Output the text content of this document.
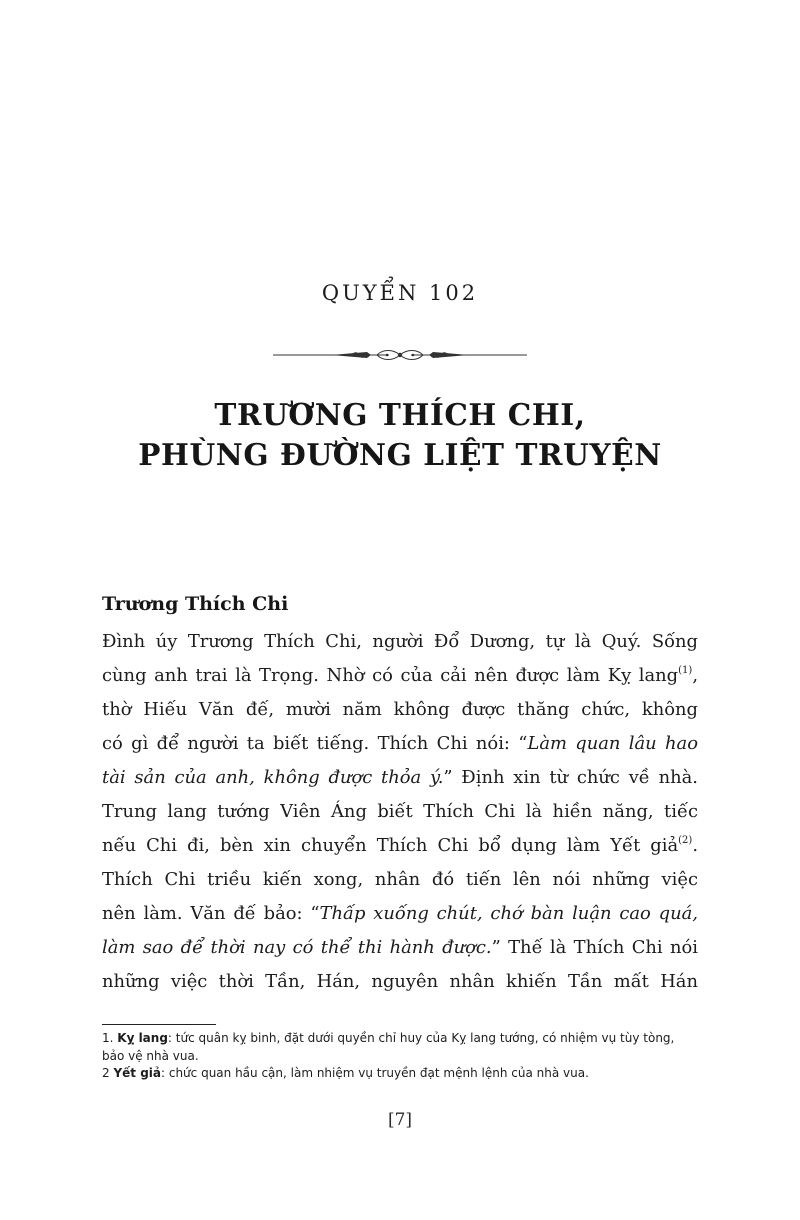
QUYỂN 102
TRƯƠNG THÍCH CHI,
PHÙNG ĐƯỜNG LIỆT TRUYỆN
Trương Thích Chi
Đình úy Trương Thích Chi, người Đổ Dương, tự là Quý. Sống
cùng anh trai là Trọng. Nhờ có của cải nên được làm Kỵ lang$^{(1)}$,
thờ Hiếu Văn đế, mười năm không được thăng chức, không
có gì để người ta biết tiếng. Thích Chi nói: “Làm quan lâu hao
tài sản của anh, không được thỏa ý.” Định xin từ chức về nhà.
Trung lang tướng Viên Áng biết Thích Chi là hiền năng, tiếc
nếu Chi đi, bèn xin chuyển Thích Chi bổ dụng làm Yết giả$^{(2)}$.
Thích Chi triều kiến xong, nhân đó tiến lên nói những việc
nên làm. Văn đế bảo: “Thấp xuống chút, chớ bàn luận cao quá,
làm sao để thời nay có thể thi hành được.” Thế là Thích Chi nói
những việc thời Tần, Hán, nguyên nhân khiến Tần mất Hán
1. Kỵ lang: tức quân kỵ binh, đặt dưới quyền chỉ huy của Kỵ lang tướng, có nhiệm vụ tùy tòng,
bảo vệ nhà vua.
2 Yết giả: chức quan hầu cận, làm nhiệm vụ truyền đạt mệnh lệnh của nhà vua.
[7]
